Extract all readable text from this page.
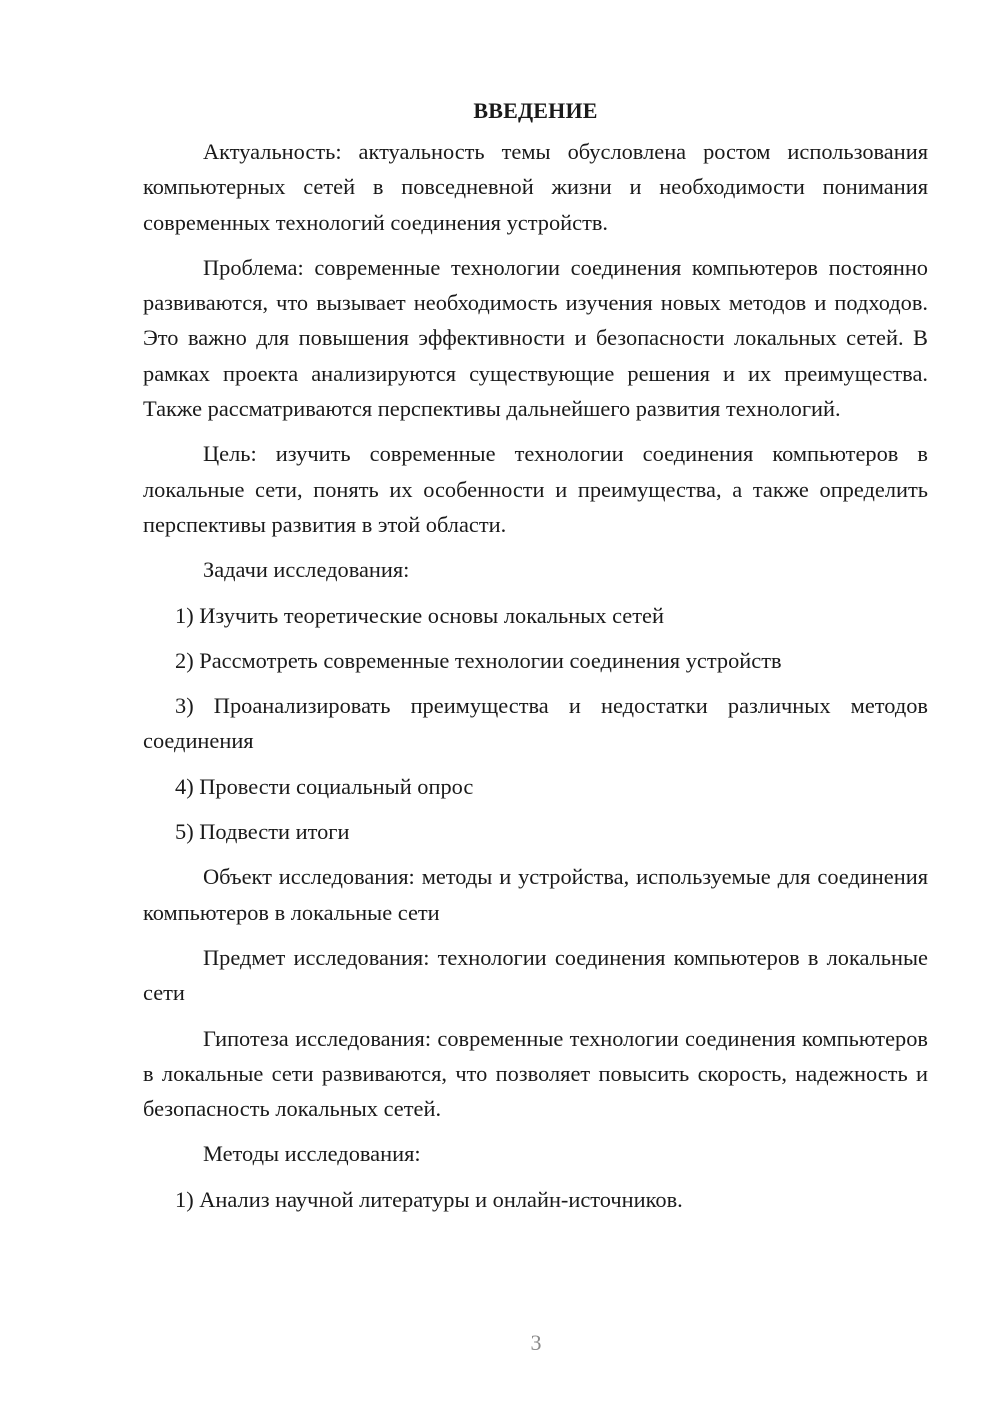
ВВЕДЕНИЕ

Актуальность: актуальность темы обусловлена ростом использования компьютерных сетей в повседневной жизни и необходимости понимания современных технологий соединения устройств.

Проблема: современные технологии соединения компьютеров постоянно развиваются, что вызывает необходимость изучения новых методов и подходов. Это важно для повышения эффективности и безопасности локальных сетей. В рамках проекта анализируются существующие решения и их преимущества. Также рассматриваются перспективы дальнейшего развития технологий.

Цель: изучить современные технологии соединения компьютеров в локальные сети, понять их особенности и преимущества, а также определить перспективы развития в этой области.

Задачи исследования:

1) Изучить теоретические основы локальных сетей

2) Рассмотреть современные технологии соединения устройств

3) Проанализировать преимущества и недостатки различных методов соединения

4) Провести социальный опрос

5) Подвести итоги

Объект исследования: методы и устройства, используемые для соединения компьютеров в локальные сети

Предмет исследования: технологии соединения компьютеров в локальные сети

Гипотеза исследования: современные технологии соединения компьютеров в локальные сети развиваются, что позволяет повысить скорость, надежность и безопасность локальных сетей.

Методы исследования:

1) Анализ научной литературы и онлайн-источников.

3
